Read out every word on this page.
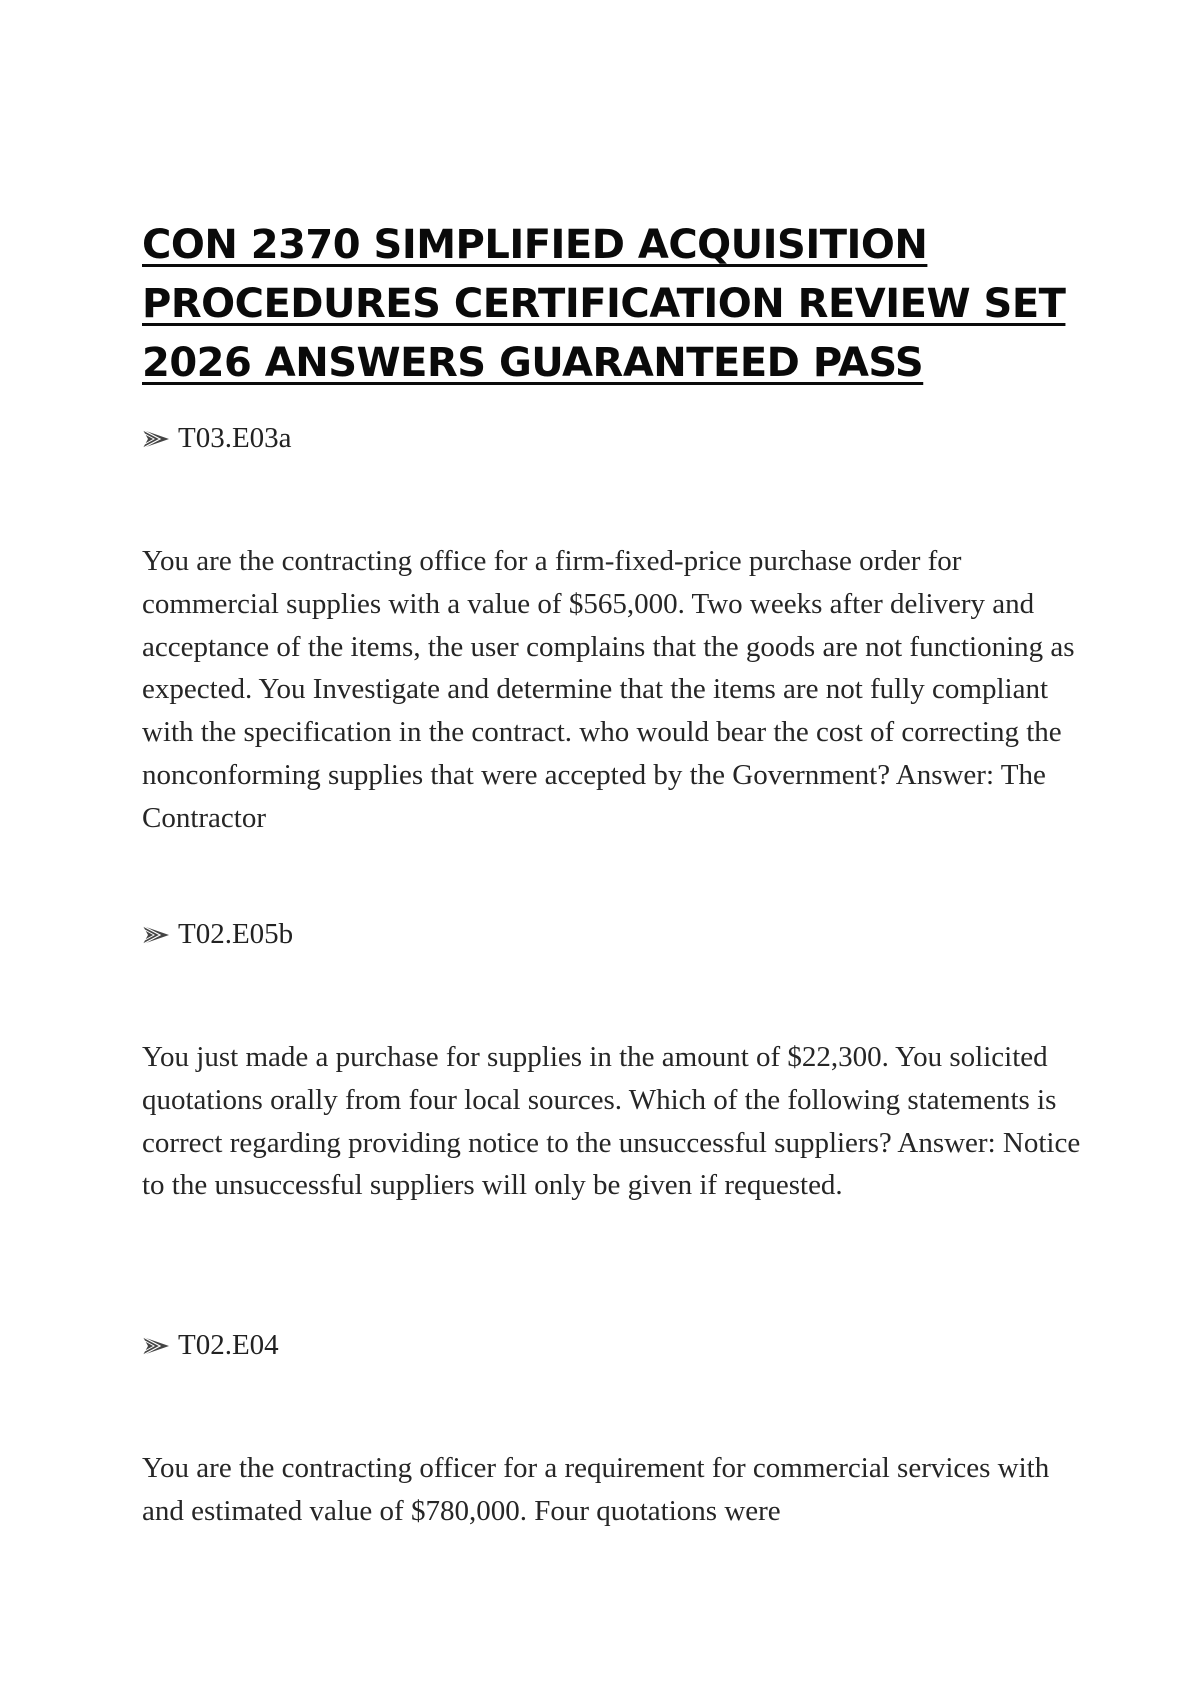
CON 2370 SIMPLIFIED ACQUISITION PROCEDURES CERTIFICATION REVIEW SET 2026 ANSWERS GUARANTEED PASS
T03.E03a

You are the contracting office for a firm-fixed-price purchase order for commercial supplies with a value of $565,000. Two weeks after delivery and acceptance of the items, the user complains that the goods are not functioning as expected. You Investigate and determine that the items are not fully compliant with the specification in the contract. who would bear the cost of correcting the nonconforming supplies that were accepted by the Government? Answer: The Contractor

T02.E05b

You just made a purchase for supplies in the amount of $22,300. You solicited quotations orally from four local sources. Which of the following statements is correct regarding providing notice to the unsuccessful suppliers? Answer: Notice to the unsuccessful suppliers will only be given if requested.

T02.E04

You are the contracting officer for a requirement for commercial services with and estimated value of $780,000. Four quotations were
